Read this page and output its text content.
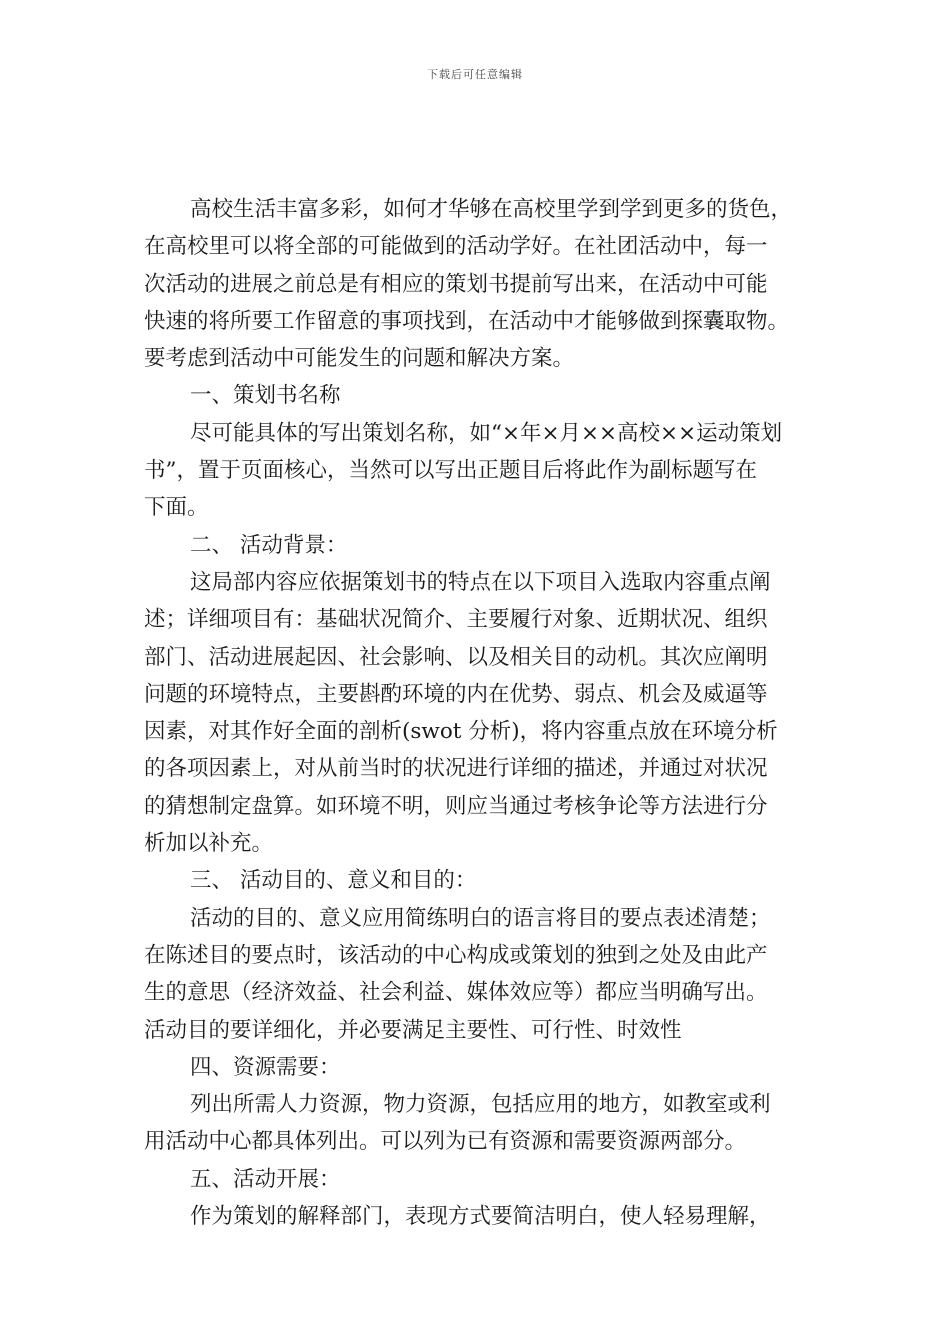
下载后可任意编辑
高校生活丰富多彩，如何才华够在高校里学到学到更多的货色，
在高校里可以将全部的可能做到的活动学好。在社团活动中，每一
次活动的进展之前总是有相应的策划书提前写出来，在活动中可能
快速的将所要工作留意的事项找到，在活动中才能够做到探囊取物。
要考虑到活动中可能发生的问题和解决方案。
一、策划书名称
尽可能具体的写出策划名称，如“×年×月××高校××运动策划
书”，置于页面核心，当然可以写出正题目后将此作为副标题写在
下面。
二、 活动背景：
这局部内容应依据策划书的特点在以下项目入选取内容重点阐
述；详细项目有：基础状况简介、主要履行对象、近期状况、组织
部门、活动进展起因、社会影响、以及相关目的动机。其次应阐明
问题的环境特点，主要斟酌环境的内在优势、弱点、机会及威逼等
因素，对其作好全面的剖析(swot 分析)，将内容重点放在环境分析
的各项因素上，对从前当时的状况进行详细的描述，并通过对状况
的猜想制定盘算。如环境不明，则应当通过考核争论等方法进行分
析加以补充。
三、 活动目的、意义和目的：
活动的目的、意义应用简练明白的语言将目的要点表述清楚；
在陈述目的要点时，该活动的中心构成或策划的独到之处及由此产
生的意思（经济效益、社会利益、媒体效应等）都应当明确写出。
活动目的要详细化，并必要满足主要性、可行性、时效性
四、资源需要：
列出所需人力资源，物力资源，包括应用的地方，如教室或利
用活动中心都具体列出。可以列为已有资源和需要资源两部分。
五、活动开展：
作为策划的解释部门，表现方式要简洁明白，使人轻易理解，
